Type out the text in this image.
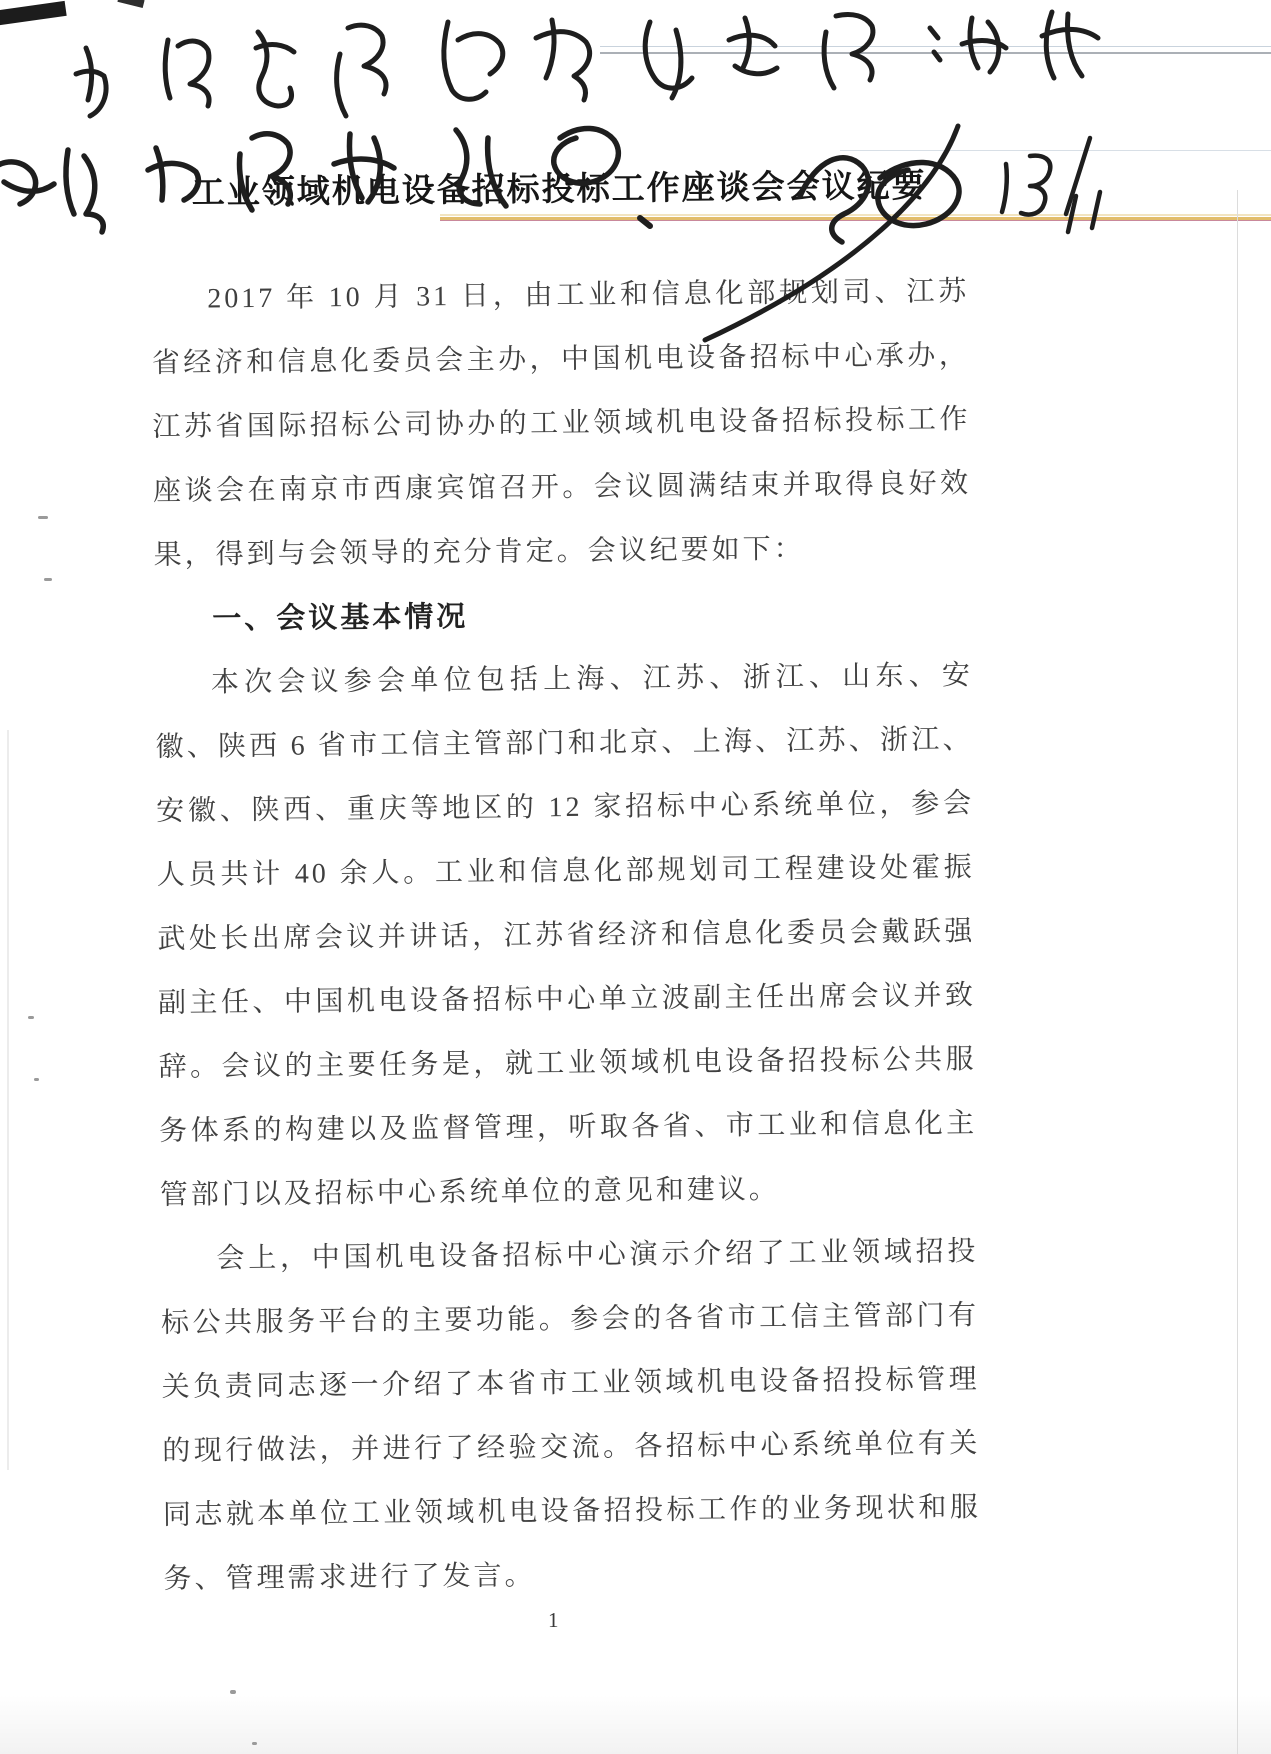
工业领域机电设备招标投标工作座谈会会议纪要

2017 年 10 月 31 日，由工业和信息化部规划司、江苏省经济和信息化委员会主办，中国机电设备招标中心承办，江苏省国际招标公司协办的工业领域机电设备招标投标工作座谈会在南京市西康宾馆召开。会议圆满结束并取得良好效果，得到与会领导的充分肯定。会议纪要如下：

一、会议基本情况

本次会议参会单位包括上海、江苏、浙江、山东、安徽、陕西 6 省市工信主管部门和北京、上海、江苏、浙江、安徽、陕西、重庆等地区的 12 家招标中心系统单位，参会人员共计 40 余人。工业和信息化部规划司工程建设处霍振武处长出席会议并讲话，江苏省经济和信息化委员会戴跃强副主任、中国机电设备招标中心单立波副主任出席会议并致辞。会议的主要任务是，就工业领域机电设备招投标公共服务体系的构建以及监督管理，听取各省、市工业和信息化主管部门以及招标中心系统单位的意见和建议。

会上，中国机电设备招标中心演示介绍了工业领域招投标公共服务平台的主要功能。参会的各省市工信主管部门有关负责同志逐一介绍了本省市工业领域机电设备招投标管理的现行做法，并进行了经验交流。各招标中心系统单位有关同志就本单位工业领域机电设备招投标工作的业务现状和服务、管理需求进行了发言。

1
